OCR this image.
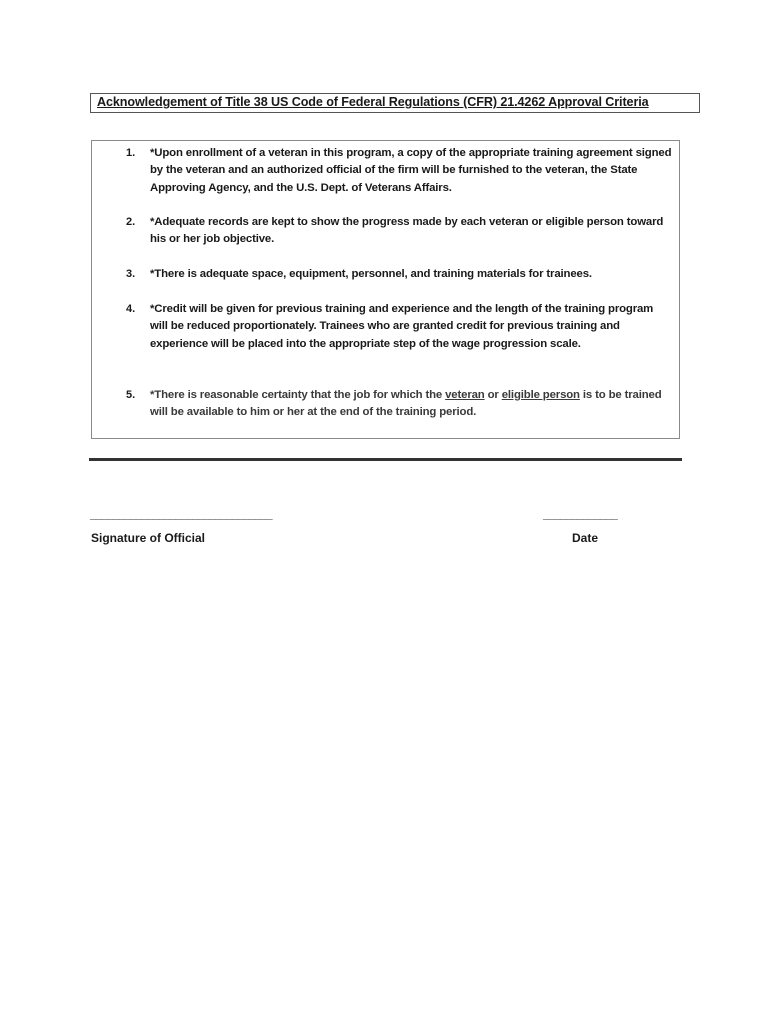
Acknowledgement of Title 38 US Code of Federal Regulations (CFR) 21.4262 Approval Criteria
1. *Upon enrollment of a veteran in this program, a copy of the appropriate training agreement signed by the veteran and an authorized official of the firm will be furnished to the veteran, the State Approving Agency, and the U.S. Dept. of Veterans Affairs.
2. *Adequate records are kept to show the progress made by each veteran or eligible person toward his or her job objective.
3. *There is adequate space, equipment, personnel, and training materials for trainees.
4. *Credit will be given for previous training and experience and the length of the training program will be reduced proportionately. Trainees who are granted credit for previous training and experience will be placed into the appropriate step of the wage progression scale.
5. *There is reasonable certainty that the job for which the veteran or eligible person is to be trained will be available to him or her at the end of the training period.
________________________________	_____________
Signature of Official	Date
